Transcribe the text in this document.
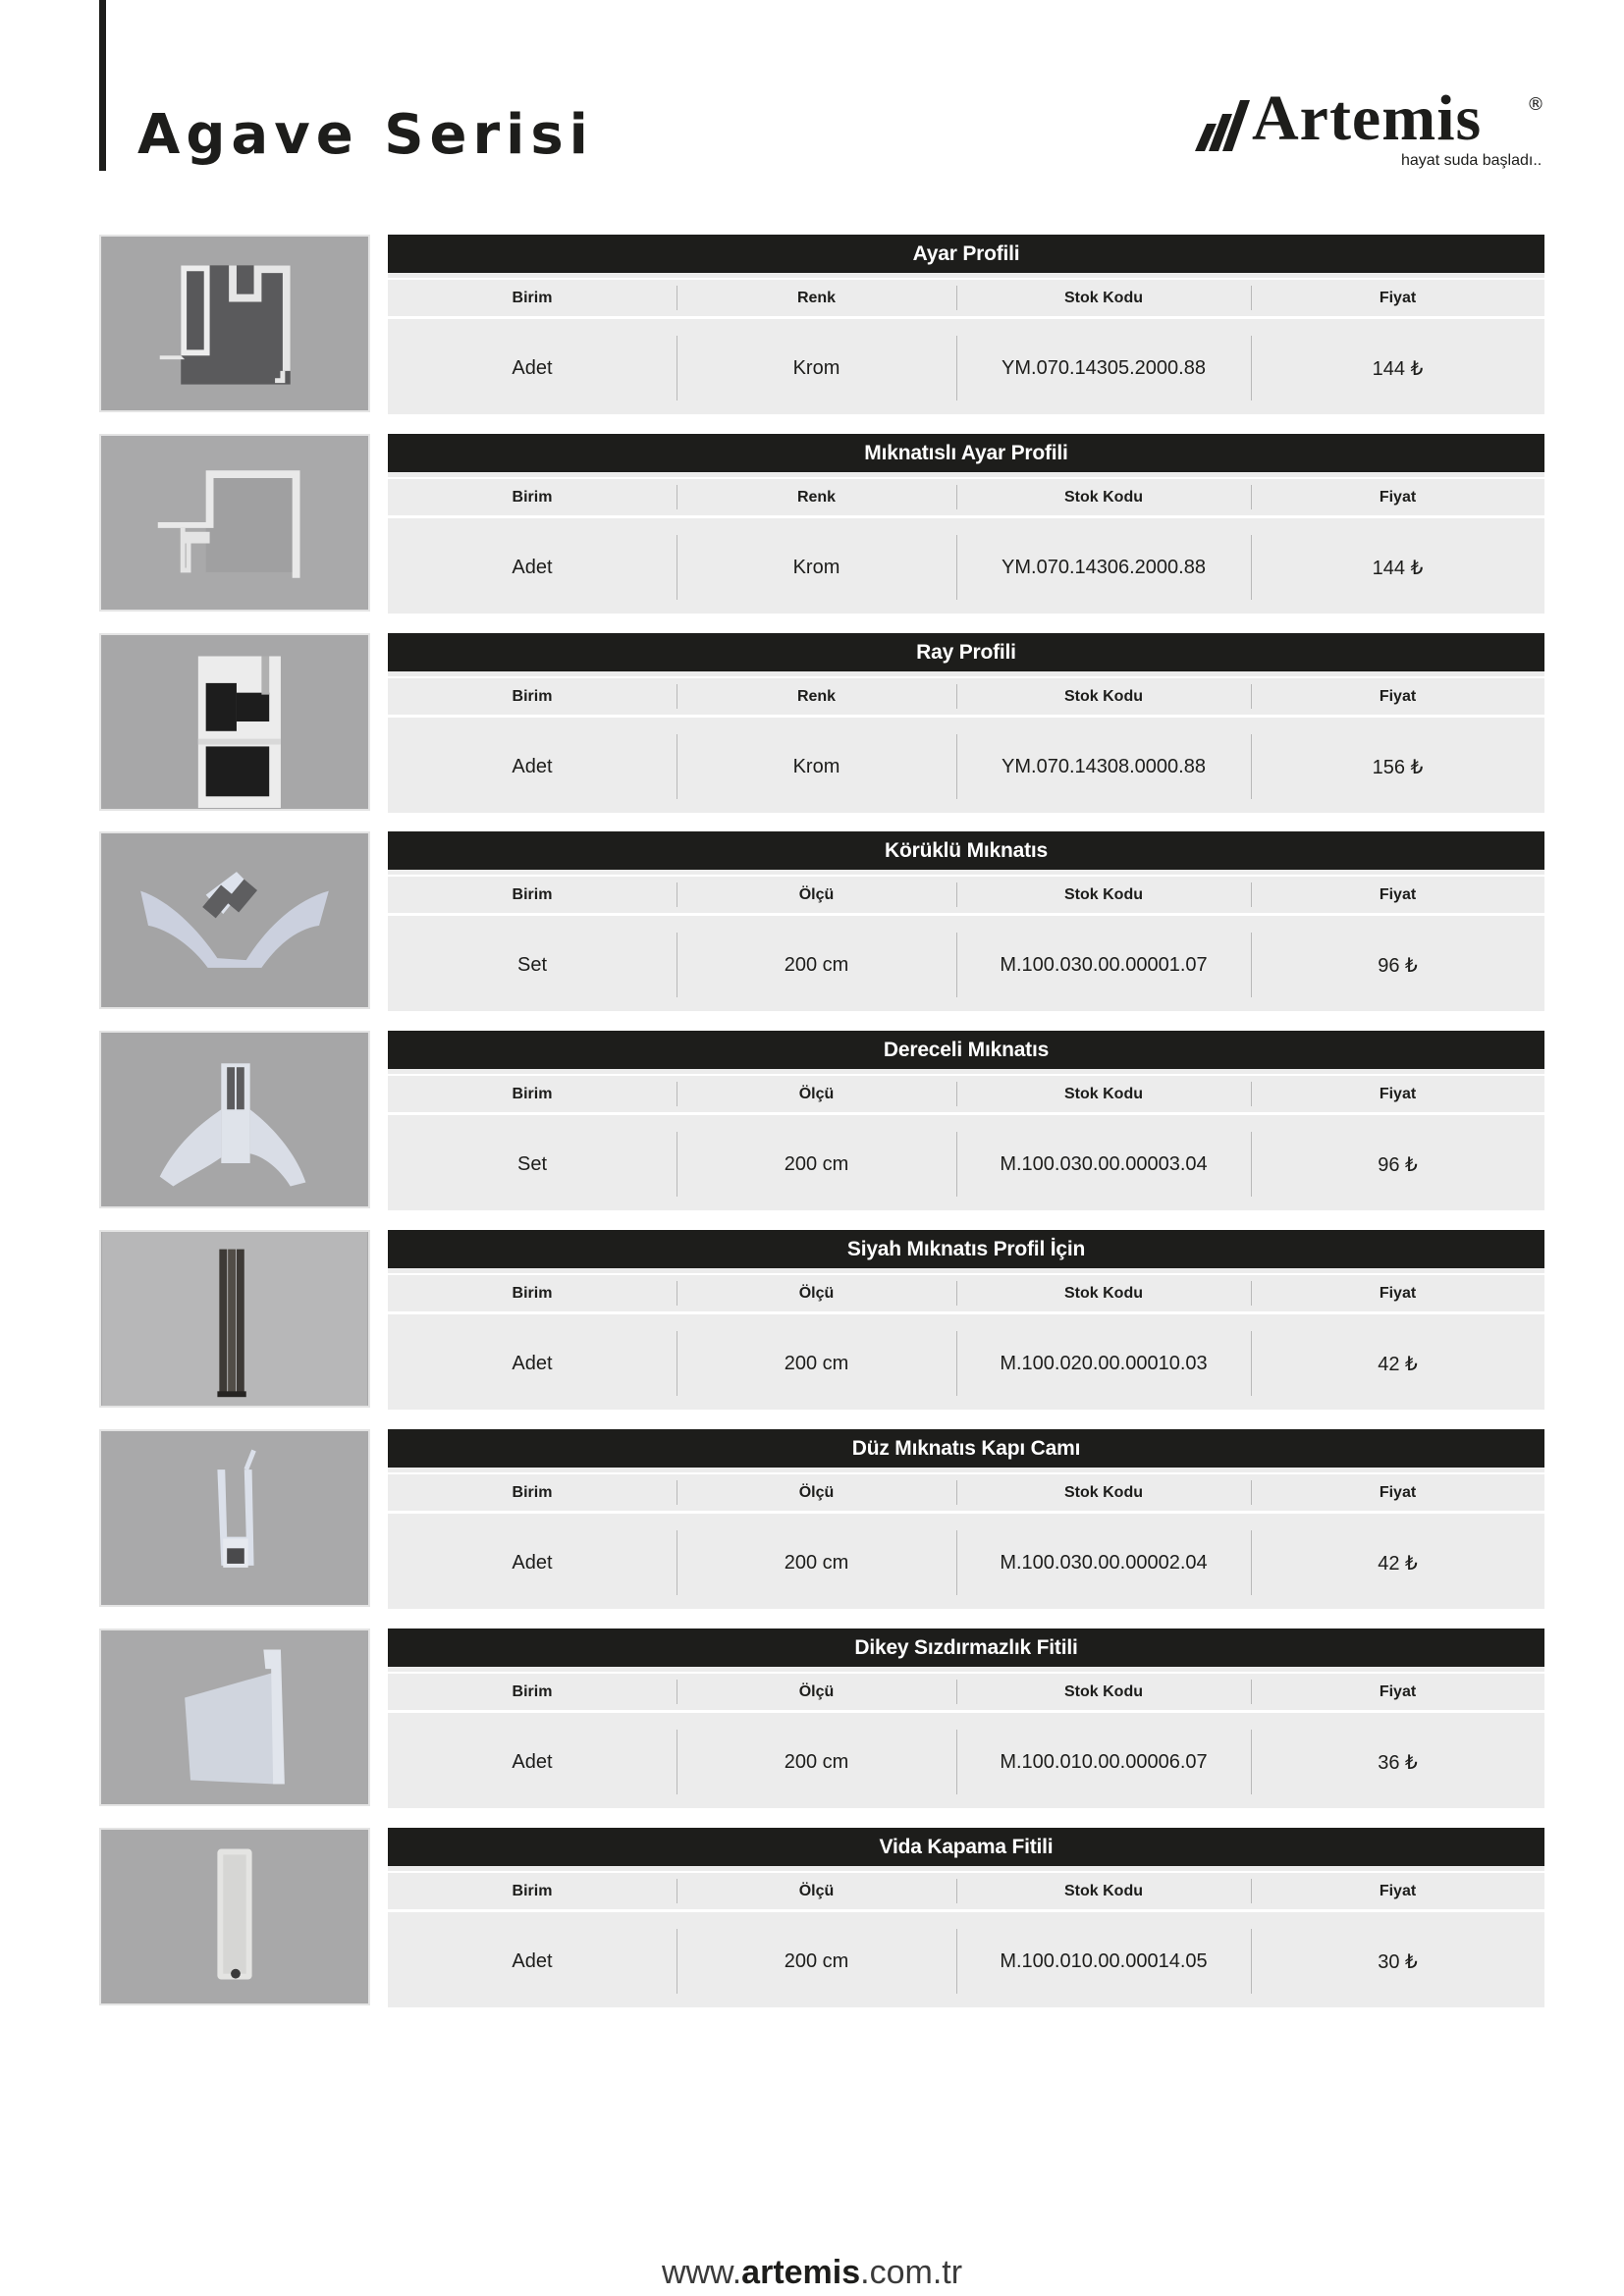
Agave Serisi	Artemis	®
hayat suda başladı..
Ayar Profili
Birim	Renk	Stok Kodu	Fiyat
Adet	Krom	YM.070.14305.2000.88	144 ₺
Mıknatıslı Ayar Profili
Birim	Renk	Stok Kodu	Fiyat
Adet	Krom	YM.070.14306.2000.88	144 ₺
Ray Profili
Birim	Renk	Stok Kodu	Fiyat
Adet	Krom	YM.070.14308.0000.88	156 ₺
Körüklü Mıknatıs
Birim	Ölçü	Stok Kodu	Fiyat
Set	200 cm	M.100.030.00.00001.07	96 ₺
Dereceli Mıknatıs
Birim	Ölçü	Stok Kodu	Fiyat
Set	200 cm	M.100.030.00.00003.04	96 ₺
Siyah Mıknatıs Profil İçin
Birim	Ölçü	Stok Kodu	Fiyat
Adet	200 cm	M.100.020.00.00010.03	42 ₺
Düz Mıknatıs Kapı Camı
Birim	Ölçü	Stok Kodu	Fiyat
Adet	200 cm	M.100.030.00.00002.04	42 ₺
Dikey Sızdırmazlık Fitili
Birim	Ölçü	Stok Kodu	Fiyat
Adet	200 cm	M.100.010.00.00006.07	36 ₺
Vida Kapama Fitili
Birim	Ölçü	Stok Kodu	Fiyat
Adet	200 cm	M.100.010.00.00014.05	30 ₺
www.artemis.com.tr
